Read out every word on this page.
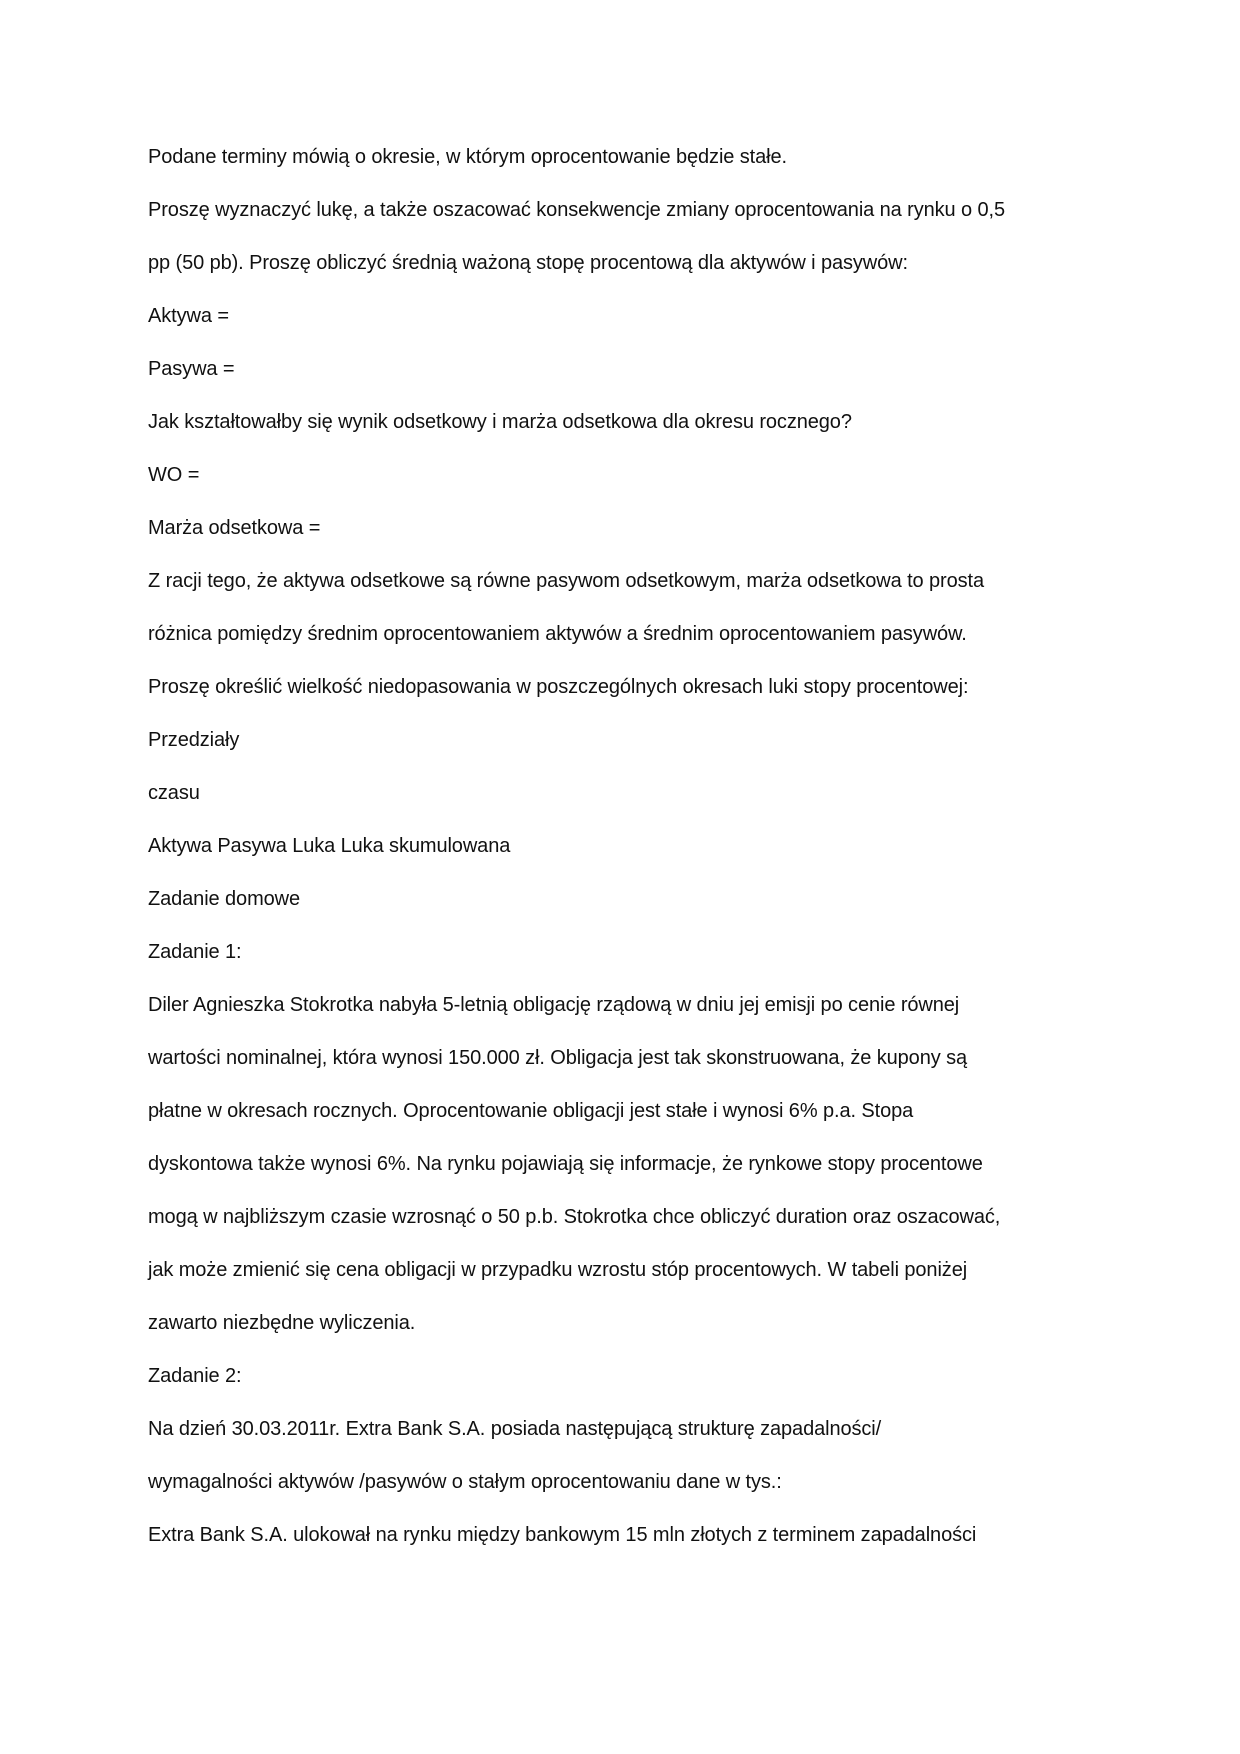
Podane terminy mówią o okresie, w którym oprocentowanie będzie stałe.
Proszę wyznaczyć lukę, a także oszacować konsekwencje zmiany oprocentowania na rynku o 0,5
pp (50 pb). Proszę obliczyć średnią ważoną stopę procentową dla aktywów i pasywów:
Aktywa =
Pasywa =
Jak kształtowałby się wynik odsetkowy i marża odsetkowa dla okresu rocznego?
WO =
Marża odsetkowa =
Z racji tego, że aktywa odsetkowe są równe pasywom odsetkowym, marża odsetkowa to prosta
różnica pomiędzy średnim oprocentowaniem aktywów a średnim oprocentowaniem pasywów.
Proszę określić wielkość niedopasowania w poszczególnych okresach luki stopy procentowej:
Przedziały
czasu
Aktywa Pasywa Luka Luka skumulowana
Zadanie domowe
Zadanie 1:
Diler Agnieszka Stokrotka nabyła 5-letnią obligację rządową w dniu jej emisji po cenie równej
wartości nominalnej, która wynosi 150.000 zł. Obligacja jest tak skonstruowana, że kupony są
płatne w okresach rocznych. Oprocentowanie obligacji jest stałe i wynosi 6% p.a. Stopa
dyskontowa także wynosi 6%. Na rynku pojawiają się informacje, że rynkowe stopy procentowe
mogą w najbliższym czasie wzrosnąć o 50 p.b. Stokrotka chce obliczyć duration oraz oszacować,
jak może zmienić się cena obligacji w przypadku wzrostu stóp procentowych. W tabeli poniżej
zawarto niezbędne wyliczenia.
Zadanie 2:
Na dzień 30.03.2011r. Extra Bank S.A. posiada następującą strukturę zapadalności/
wymagalności aktywów /pasywów o stałym oprocentowaniu dane w tys.:
Extra Bank S.A. ulokował na rynku między bankowym 15 mln złotych z terminem zapadalności
